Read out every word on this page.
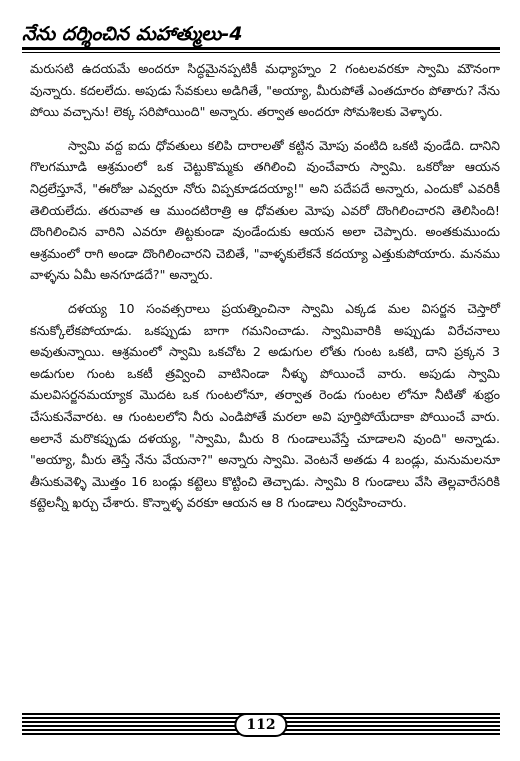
నేను దర్శించిన మహాత్ములు-4

మరుసటి ఉదయమే అందరూ సిద్ధమైనప్పటికీ మధ్యాహ్నం 2 గంటలవరకూ స్వామి మౌనంగా వున్నారు. కదలలేదు. అపుడు సేవకులు అడిగితే, "అయ్యా, మీరుపోతే ఎంతదూరం పోతారు? నేను పోయి వచ్చాను! లెక్క సరిపోయింది" అన్నారు. తర్వాత అందరూ సోమశిలకు వెళ్ళారు.

స్వామి వద్ద ఐదు ధోవతులు కలిపి దారాలతో కట్టిన మోపు వంటిది ఒకటి వుండేది. దానిని గొలగమూడి ఆశ్రమంలో ఒక చెట్టుకొమ్మకు తగిలించి వుంచేవారు స్వామి. ఒకరోజు ఆయన నిద్రలేస్తూనే, "ఈరోజు ఎవ్వరూ నోరు విప్పకూడదయ్యా!" అని పదేపదే అన్నారు, ఎందుకో ఎవరికీ తెలియలేదు. తరువాత ఆ ముందటిరాత్రి ఆ ధోవతుల మోపు ఎవరో దొంగిలించారని తెలిసింది! దొంగిలించిన వారిని ఎవరూ తిట్టకుండా వుండేందుకు ఆయన అలా చెప్పారు. అంతకుముందు ఆశ్రమంలో రాగి అండా దొంగిలించారని చెబితే, "వాళ్ళకులేకనే కదయ్యా ఎత్తుకుపోయారు. మనము వాళ్ళను ఏమీ అనగూడదే?" అన్నారు.

దళయ్య 10 సంవత్సరాలు ప్రయత్నించినా స్వామి ఎక్కడ మల విసర్జన చెస్తారో కనుక్కోలేకపోయాడు. ఒకప్పుడు బాగా గమనించాడు. స్వామివారికి అప్పుడు విరేచనాలు అవుతున్నాయి. ఆశ్రమంలో స్వామి ఒకచోట 2 అడుగుల లోతు గుంట ఒకటి, దాని ప్రక్కన 3 అడుగుల గుంట ఒకటీ త్రవ్వించి వాటినిండా నీళ్ళు పోయించే వారు. అపుడు స్వామి మలవిసర్జనమయ్యాక మొదట ఒక గుంటలోనూ, తర్వాత రెండు గుంటల లోనూ నీటితో శుభ్రం చేసుకునేవారట. ఆ గుంటలలోని నీరు ఎండిపోతే మరలా అవి పూర్తిపోయేదాకా పోయించే వారు. అలానే మరొకప్పుడు దళయ్య, "స్వామి, మీరు 8 గుండాలువేస్తే చూడాలని వుంది" అన్నాడు. "అయ్యా, మీరు తెస్తే నేను వేయనా?" అన్నారు స్వామి. వెంటనే అతడు 4 బండ్లు, మనుమలనూ తీసుకువెళ్ళి మొత్తం 16 బండ్లు కట్టెలు కొట్టించి తెచ్చాడు. స్వామి 8 గుండాలు వేసి తెల్లవారేసరికి కట్టెలన్నీ ఖర్చు చేశారు. కొన్నాళ్ళ వరకూ ఆయన ఆ 8 గుండాలు నిర్వహించారు.

112
